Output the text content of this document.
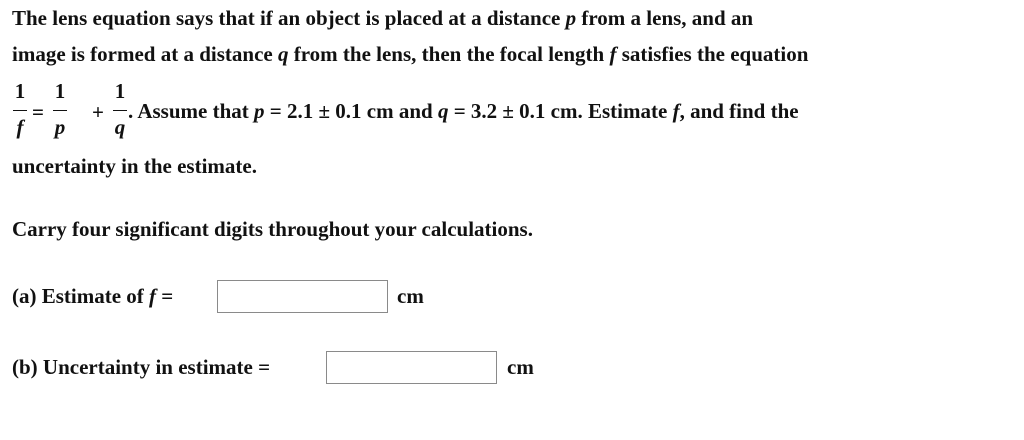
The lens equation says that if an object is placed at a distance p from a lens, and an
image is formed at a distance q from the lens, then the focal length f satisfies the equation
1
f
=
1
p
+
1
q
. Assume that p = 2.1 ± 0.1 cm and q = 3.2 ± 0.1 cm. Estimate f, and find the
uncertainty in the estimate.
Carry four significant digits throughout your calculations.
(a) Estimate of f =	cm
(b) Uncertainty in estimate =	cm
